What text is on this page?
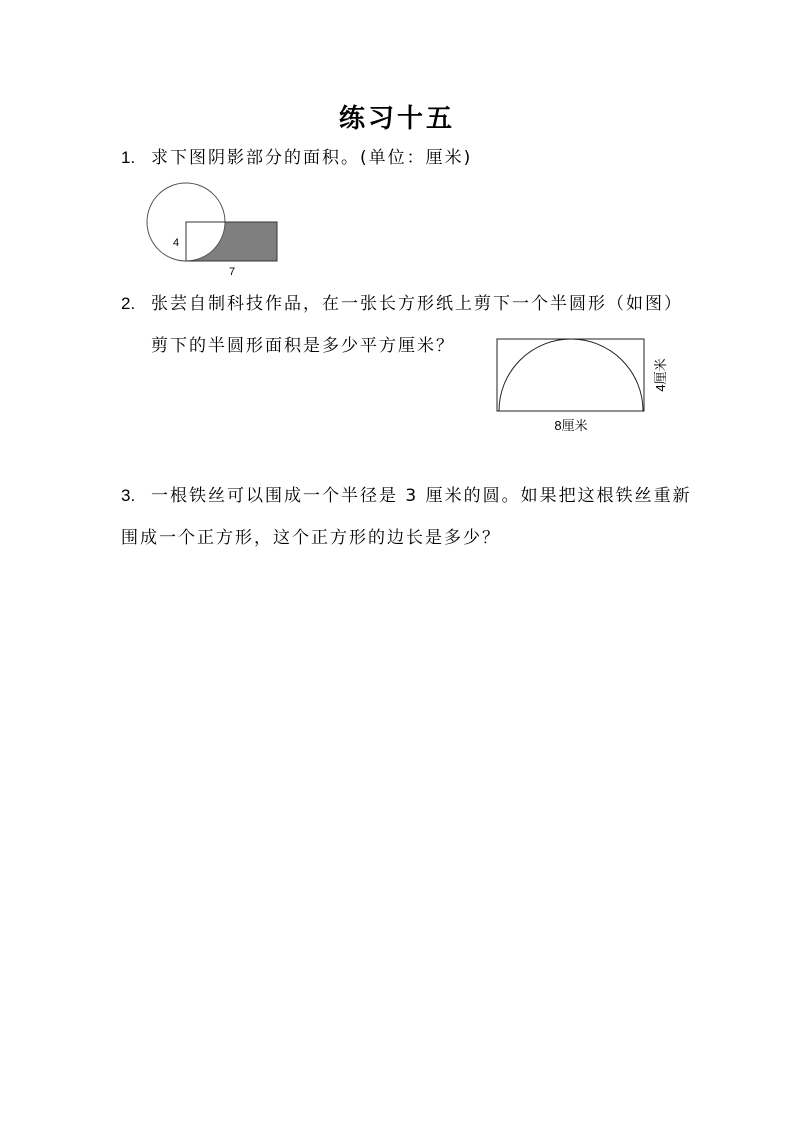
练习十五
1. 求下图阴影部分的面积。(单位：厘米)
4
7
2. 张芸自制科技作品，在一张长方形纸上剪下一个半圆形（如图）
剪下的半圆形面积是多少平方厘米？
8厘米
4厘米
3. 一根铁丝可以围成一个半径是 3 厘米的圆。如果把这根铁丝重新
围成一个正方形，这个正方形的边长是多少？
